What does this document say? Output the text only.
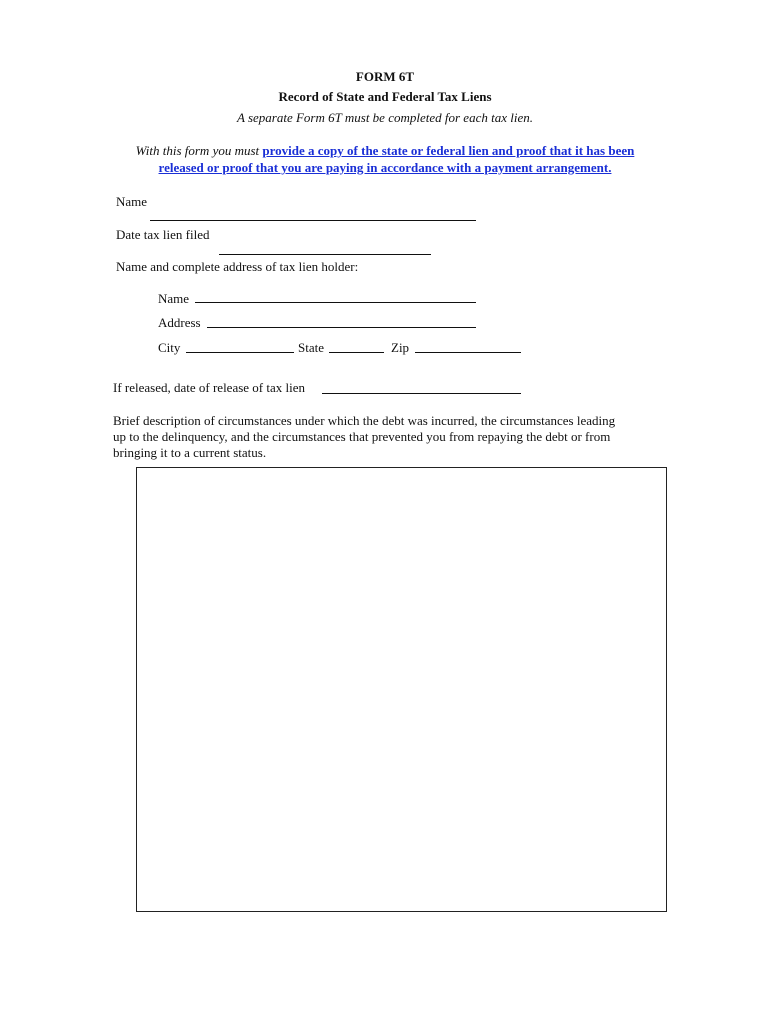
FORM 6T
Record of State and Federal Tax Liens
A separate Form 6T must be completed for each tax lien.
With this form you must provide a copy of the state or federal lien and proof that it has been
released or proof that you are paying in accordance with a payment arrangement.
Name
Date tax lien filed
Name and complete address of tax lien holder:
Name
Address
City	State	Zip
If released, date of release of tax lien
Brief description of circumstances under which the debt was incurred, the circumstances leading
up to the delinquency, and the circumstances that prevented you from repaying the debt or from
bringing it to a current status.
